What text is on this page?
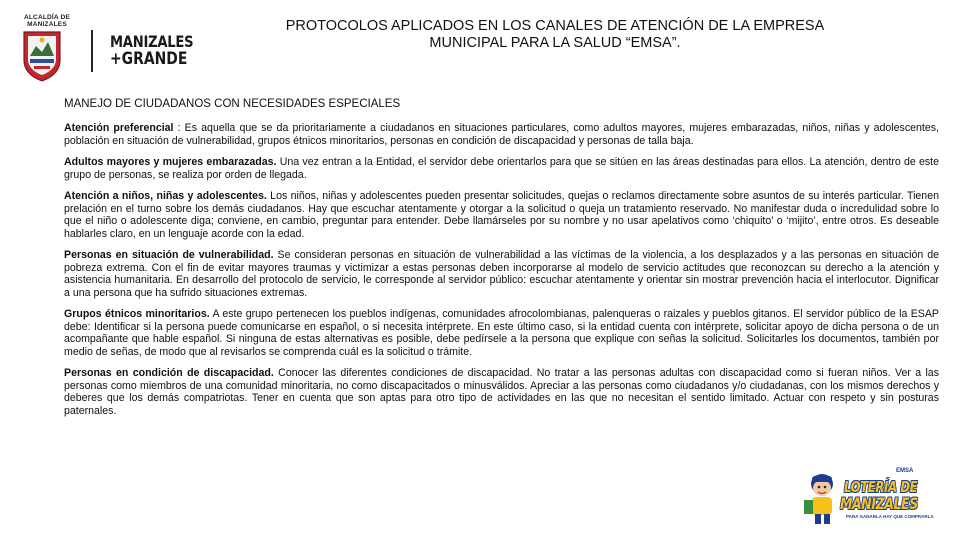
ALCALDÍA DE MANIZALES
MANIZALES
+GRANDE
PROTOCOLOS APLICADOS EN LOS CANALES DE ATENCIÓN DE LA EMPRESA
MUNICIPAL PARA LA SALUD “EMSA”.
MANEJO DE CIUDADANOS CON NECESIDADES ESPECIALES
Atención preferencial : Es aquella que se da prioritariamente a ciudadanos en situaciones particulares, como adultos mayores, mujeres embarazadas, niños, niñas y adolescentes, población en situación de vulnerabilidad, grupos étnicos minoritarios, personas en condición de discapacidad y personas de talla baja.
Adultos mayores y mujeres embarazadas. Una vez entran a la Entidad, el servidor debe orientarlos para que se sitúen en las áreas destinadas para ellos. La atención, dentro de este grupo de personas, se realiza por orden de llegada.
Atención a niños, niñas y adolescentes. Los niños, niñas y adolescentes pueden presentar solicitudes, quejas o reclamos directamente sobre asuntos de su interés particular. Tienen prelación en el turno sobre los demás ciudadanos. Hay que escuchar atentamente y otorgar a la solicitud o queja un tratamiento reservado. No manifestar duda o incredulidad sobre lo que el niño o adolescente diga; conviene, en cambio, preguntar para entender. Debe llamárseles por su nombre y no usar apelativos como ‘chiquito’ o ‘mijito’, entre otros. Es deseable hablarles claro, en un lenguaje acorde con la edad.
Personas en situación de vulnerabilidad. Se consideran personas en situación de vulnerabilidad a las víctimas de la violencia, a los desplazados y a las personas en situación de pobreza extrema. Con el fin de evitar mayores traumas y victimizar a estas personas deben incorporarse al modelo de servicio actitudes que reconozcan su derecho a la atención y asistencia humanitaria. En desarrollo del protocolo de servicio, le corresponde al servidor público: escuchar atentamente y orientar sin mostrar prevención hacia el interlocutor. Dignificar a una persona que ha sufrido situaciones extremas.
Grupos étnicos minoritarios. A este grupo pertenecen los pueblos indígenas, comunidades afrocolombianas, palenqueras o raizales y pueblos gitanos. El servidor público de la ESAP debe: Identificar si la persona puede comunicarse en español, o si necesita intérprete. En este último caso, si la entidad cuenta con intérprete, solicitar apoyo de dicha persona o de un acompañante que hable español. Si ninguna de estas alternativas es posible, debe pedírsele a la persona que explique con señas la solicitud. Solicitarles los documentos, también por medio de señas, de modo que al revisarlos se comprenda cuál es la solicitud o trámite.
Personas en condición de discapacidad. Conocer las diferentes condiciones de discapacidad. No tratar a las personas adultas con discapacidad como si fueran niños. Ver a las personas como miembros de una comunidad minoritaria, no como discapacitados o minusválidos. Apreciar a las personas como ciudadanos y/o ciudadanas, con los mismos derechos y deberes que los demás compatriotas. Tener en cuenta que son aptas para otro tipo de actividades en las que no necesitan el sentido limitado. Actuar con respeto y sin posturas paternales.
EMSA
LOTERÍA DE
MANIZALES
PARA GANARLA HAY QUE COMPRARLA
